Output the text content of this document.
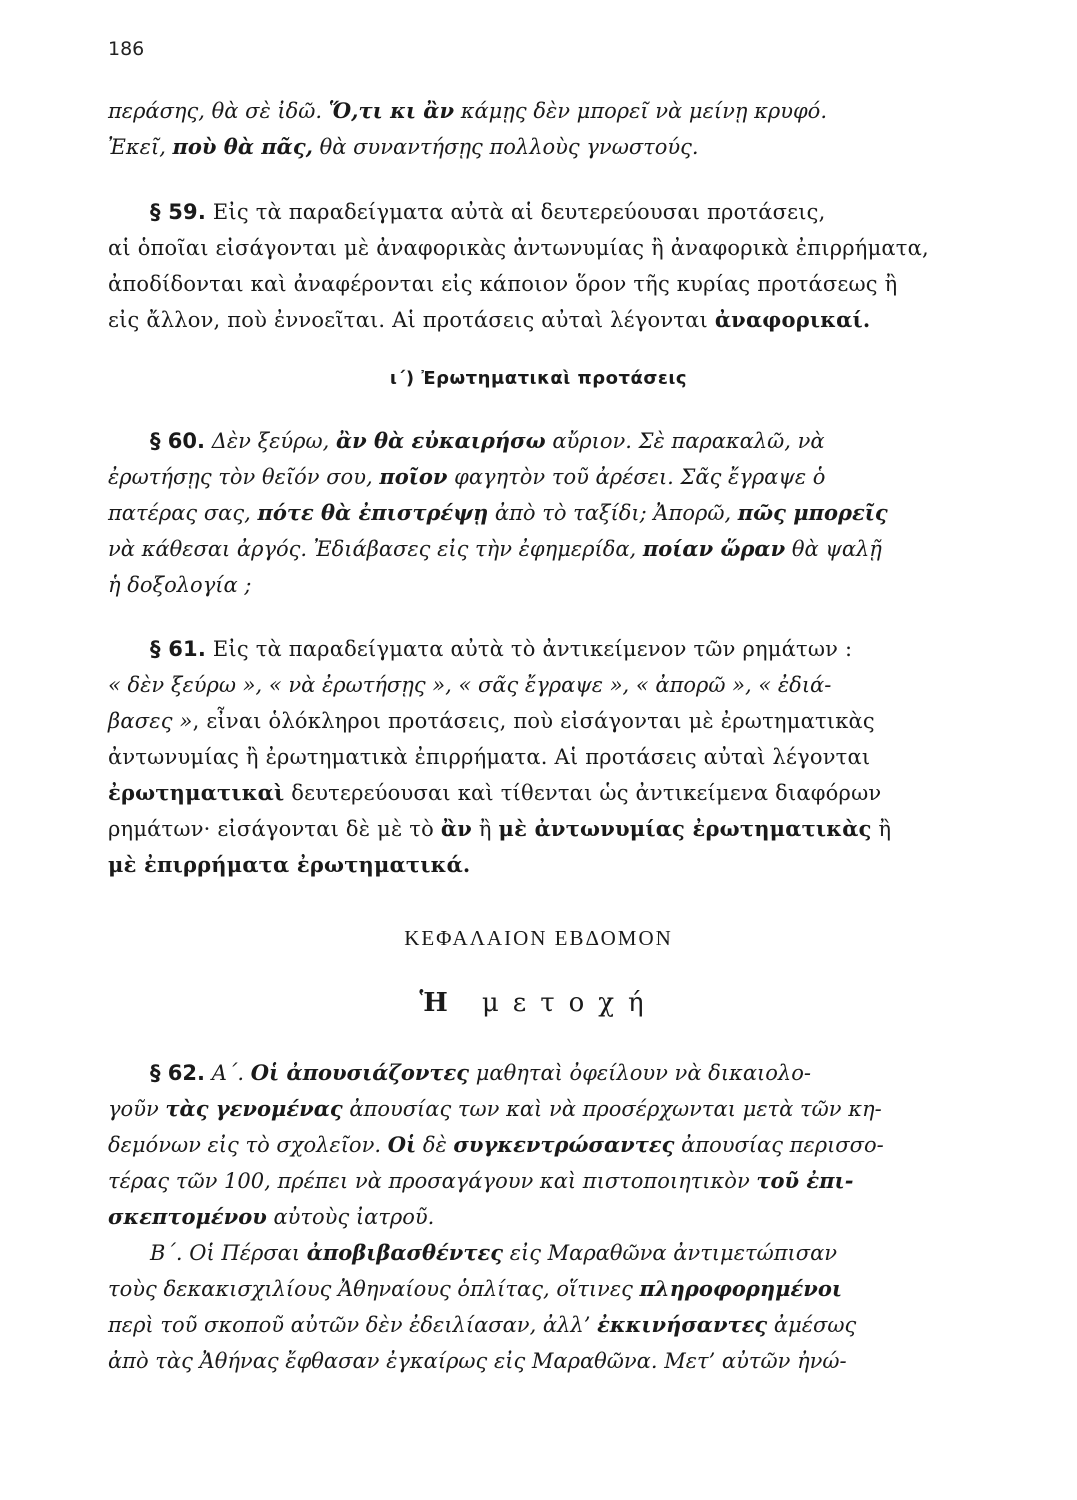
186
περάσης, θὰ σὲ ἰδῶ. Ὅ,τι κι ἂν κάμῃς δὲν μπορεῖ νὰ μείνῃ κρυφό.
Ἐκεῖ, ποὺ θὰ πᾶς, θὰ συναντήσῃς πολλοὺς γνωστούς.
§ 59. Εἰς τὰ παραδείγματα αὐτὰ αἱ δευτερεύουσαι προτάσεις,
αἱ ὁποῖαι εἰσάγονται μὲ ἀναφορικὰς ἀντωνυμίας ἢ ἀναφορικὰ ἐπιρρήματα,
ἀποδίδονται καὶ ἀναφέρονται εἰς κάποιον ὅρον τῆς κυρίας προτάσεως ἢ
εἰς ἄλλον, ποὺ ἐννοεῖται. Αἱ προτάσεις αὐταὶ λέγονται ἀναφορικαί.
ι΄) Ἐρωτηματικαὶ προτάσεις
§ 60. Δὲν ξεύρω, ἂν θὰ εὐκαιρήσω αὔριον. Σὲ παρακαλῶ, νὰ
ἐρωτήσῃς τὸν θεῖόν σου, ποῖον φαγητὸν τοῦ ἀρέσει. Σᾶς ἔγραψε ὁ
πατέρας σας, πότε θὰ ἐπιστρέψῃ ἀπὸ τὸ ταξίδι; Ἀπορῶ, πῶς μπορεῖς
νὰ κάθεσαι ἀργός. Ἐδιάβασες εἰς τὴν ἐφημερίδα, ποίαν ὥραν θὰ ψαλῇ
ἡ δοξολογία ;
§ 61. Εἰς τὰ παραδείγματα αὐτὰ τὸ ἀντικείμενον τῶν ρημάτων :
« δὲν ξεύρω », « νὰ ἐρωτήσῃς », « σᾶς ἔγραψε », « ἀπορῶ », « ἐδιά-
βασες », εἶναι ὁλόκληροι προτάσεις, ποὺ εἰσάγονται μὲ ἐρωτηματικὰς
ἀντωνυμίας ἢ ἐρωτηματικὰ ἐπιρρήματα. Αἱ προτάσεις αὐταὶ λέγονται
ἐρωτηματικαὶ δευτερεύουσαι καὶ τίθενται ὡς ἀντικείμενα διαφόρων
ρημάτων· εἰσάγονται δὲ μὲ τὸ ἂν ἢ μὲ ἀντωνυμίας ἐρωτηματικὰς ἢ
μὲ ἐπιρρήματα ἐρωτηματικά.
ΚΕΦΑΛΑΙΟΝ ΕΒΔΟΜΟΝ
Ἡ μετοχή
§ 62. Α΄. Οἱ ἀπουσιάζοντες μαθηταὶ ὀφείλουν νὰ δικαιολο-
γοῦν τὰς γενομένας ἀπουσίας των καὶ νὰ προσέρχωνται μετὰ τῶν κη-
δεμόνων εἰς τὸ σχολεῖον. Οἱ δὲ συγκεντρώσαντες ἀπουσίας περισσο-
τέρας τῶν 100, πρέπει νὰ προσαγάγουν καὶ πιστοποιητικὸν τοῦ ἐπι-
σκεπτομένου αὐτοὺς ἰατροῦ.
Β΄. Οἱ Πέρσαι ἀποβιβασθέντες εἰς Μαραθῶνα ἀντιμετώπισαν
τοὺς δεκακισχιλίους Ἀθηναίους ὁπλίτας, οἵτινες πληροφορημένοι
περὶ τοῦ σκοποῦ αὐτῶν δὲν ἐδειλίασαν, ἀλλ’ ἐκκινήσαντες ἀμέσως
ἀπὸ τὰς Ἀθήνας ἔφθασαν ἐγκαίρως εἰς Μαραθῶνα. Μετ’ αὐτῶν ἠνώ-
